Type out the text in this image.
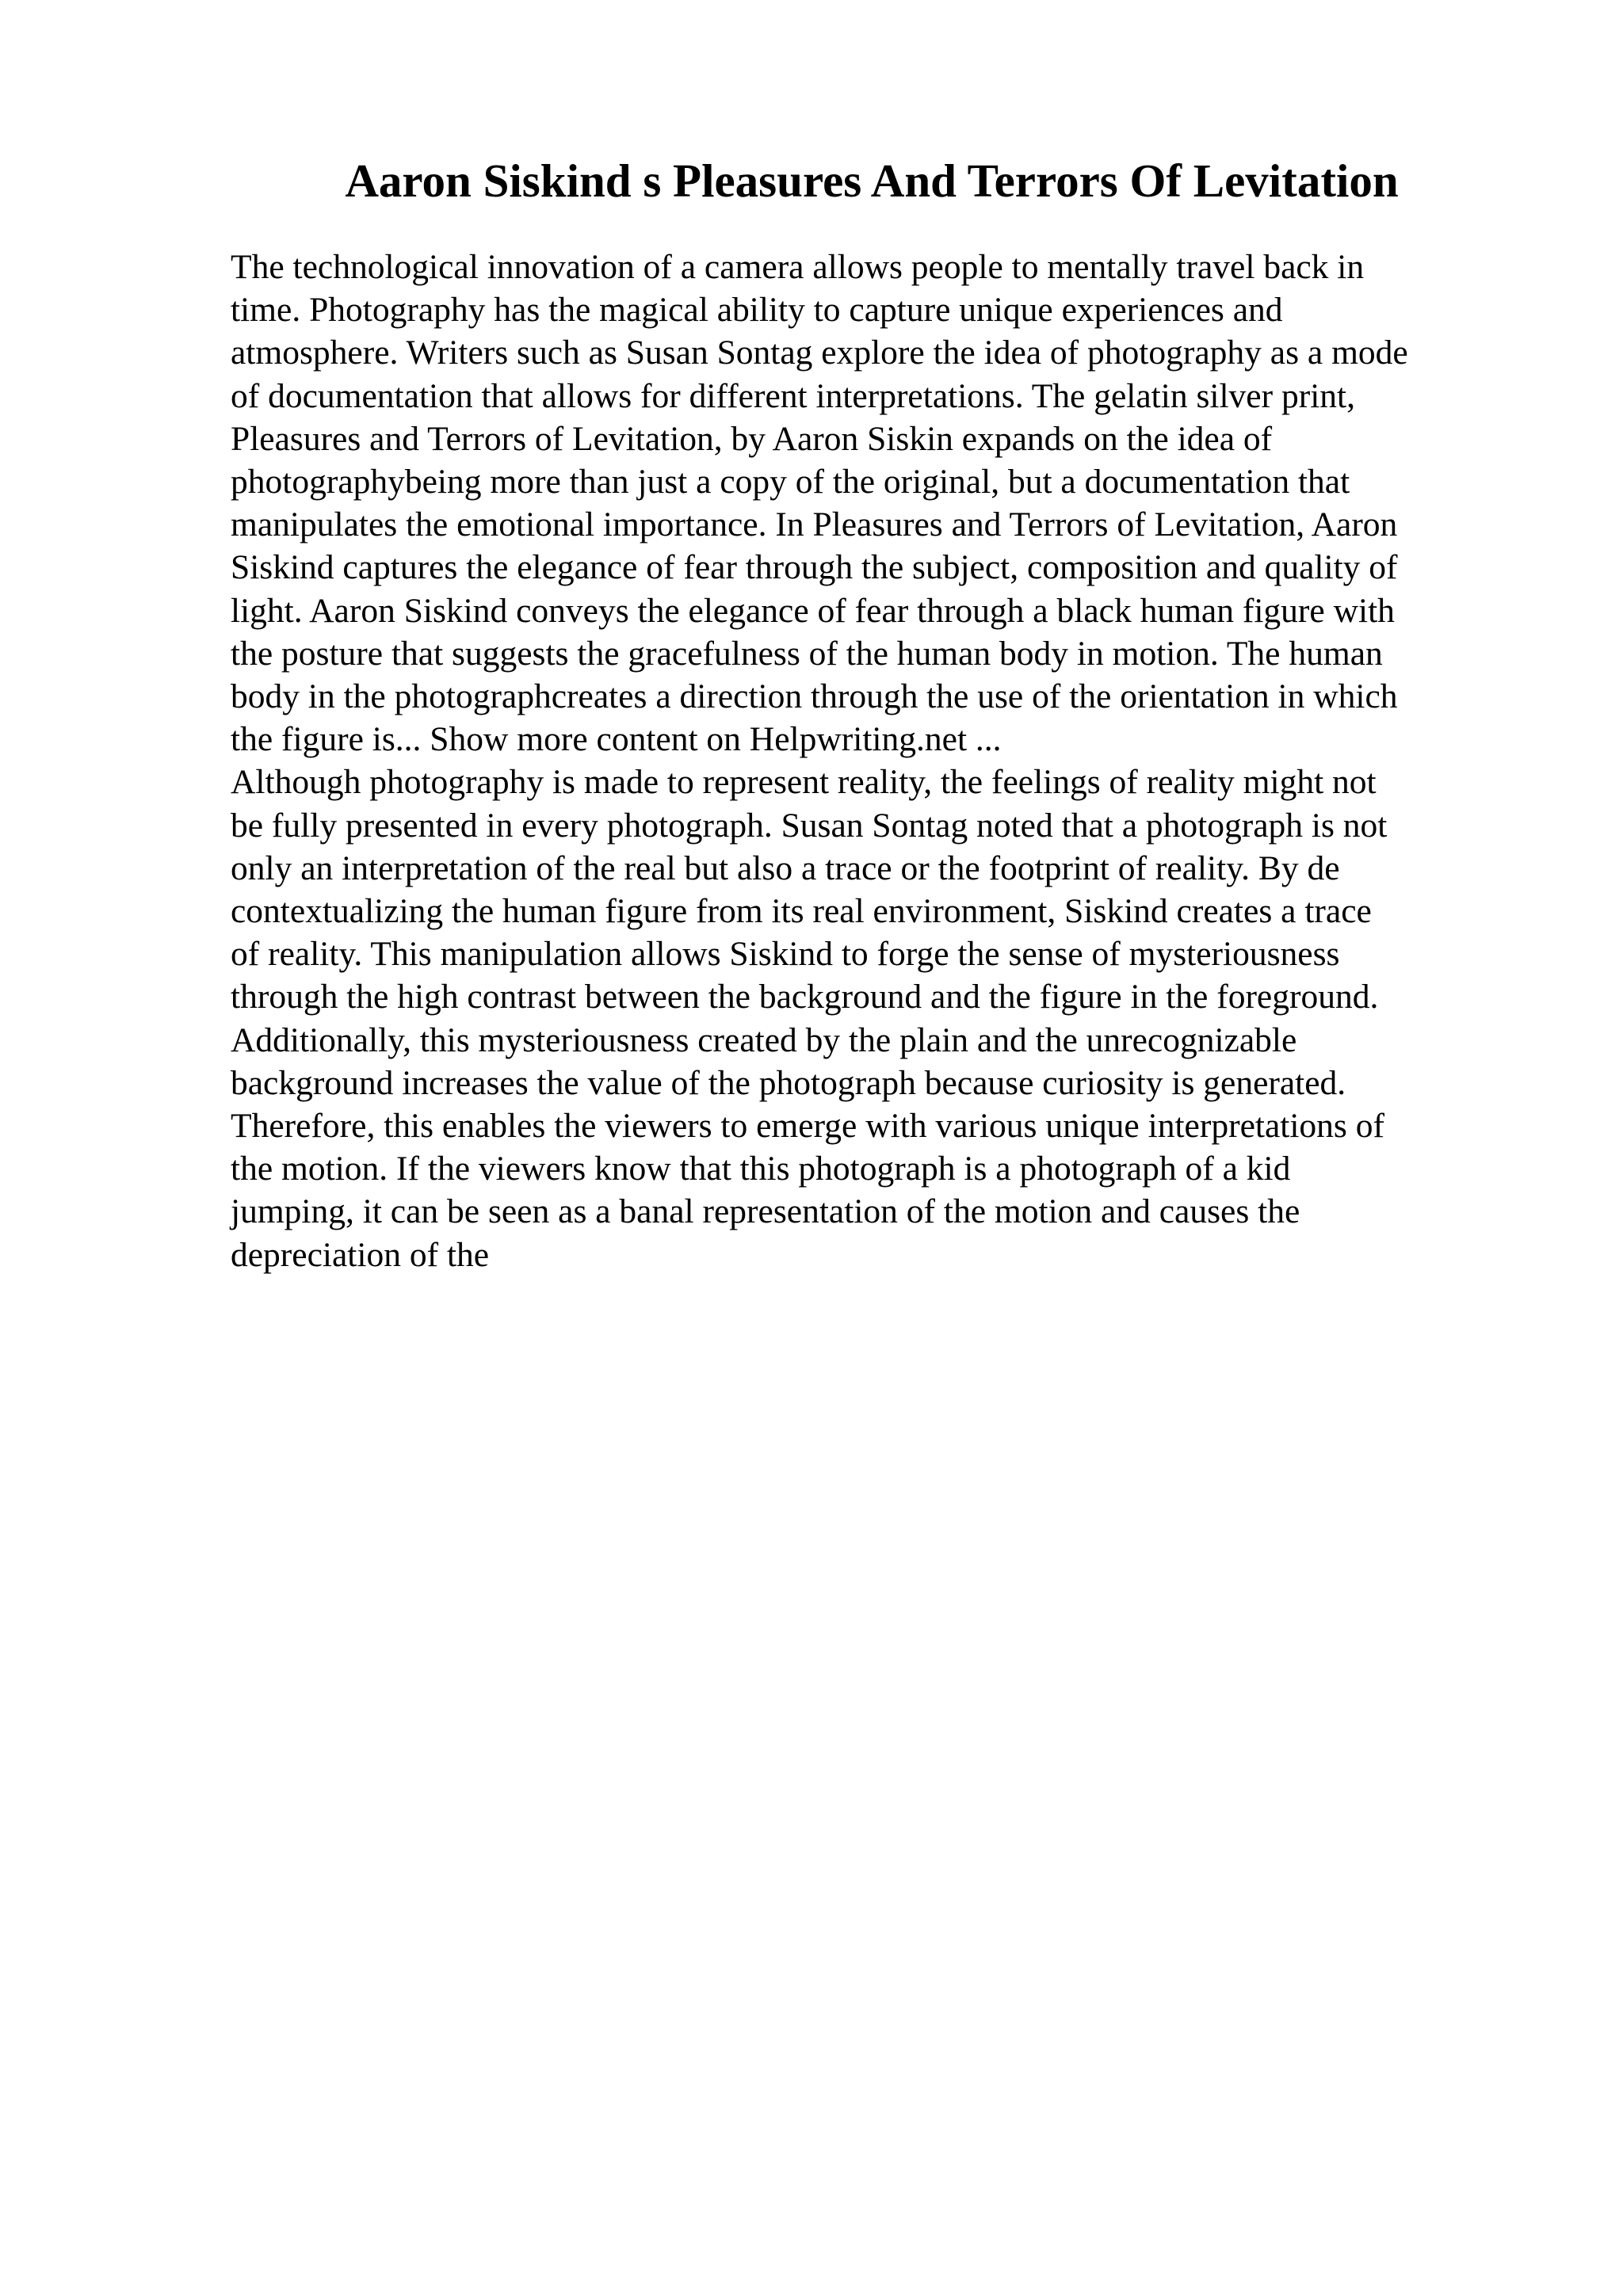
Aaron Siskind s Pleasures And Terrors Of Levitation
The technological innovation of a camera allows people to mentally travel back in
time. Photography has the magical ability to capture unique experiences and
atmosphere. Writers such as Susan Sontag explore the idea of photography as a mode
of documentation that allows for different interpretations. The gelatin silver print,
Pleasures and Terrors of Levitation, by Aaron Siskin expands on the idea of
photographybeing more than just a copy of the original, but a documentation that
manipulates the emotional importance. In Pleasures and Terrors of Levitation, Aaron
Siskind captures the elegance of fear through the subject, composition and quality of
light. Aaron Siskind conveys the elegance of fear through a black human figure with
the posture that suggests the gracefulness of the human body in motion. The human
body in the photographcreates a direction through the use of the orientation in which
the figure is... Show more content on Helpwriting.net ...
Although photography is made to represent reality, the feelings of reality might not
be fully presented in every photograph. Susan Sontag noted that a photograph is not
only an interpretation of the real but also a trace or the footprint of reality. By de
contextualizing the human figure from its real environment, Siskind creates a trace
of reality. This manipulation allows Siskind to forge the sense of mysteriousness
through the high contrast between the background and the figure in the foreground.
Additionally, this mysteriousness created by the plain and the unrecognizable
background increases the value of the photograph because curiosity is generated.
Therefore, this enables the viewers to emerge with various unique interpretations of
the motion. If the viewers know that this photograph is a photograph of a kid
jumping, it can be seen as a banal representation of the motion and causes the
depreciation of the
